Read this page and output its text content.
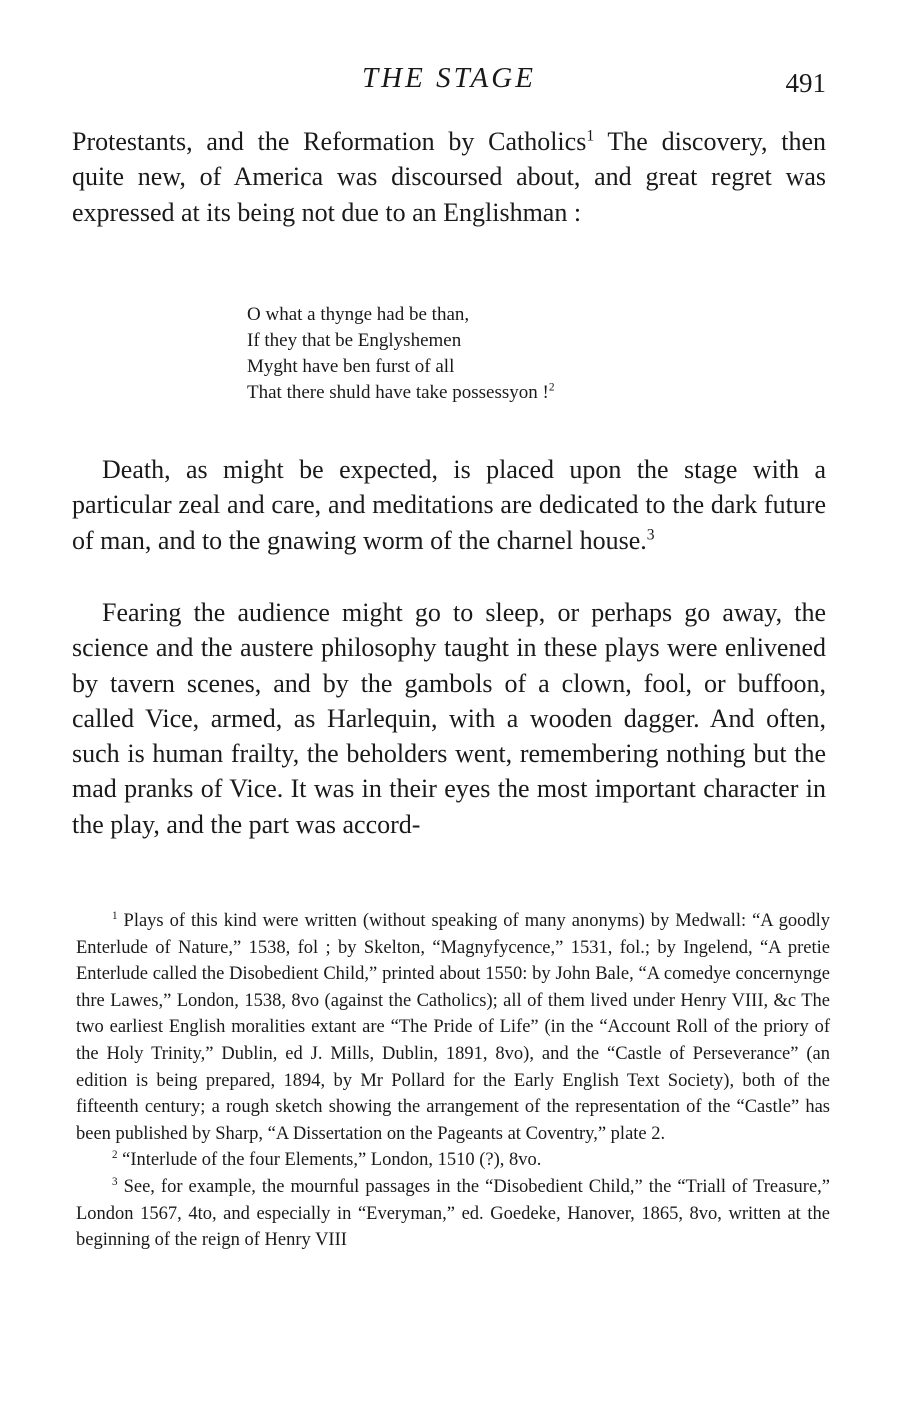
THE STAGE	491

Protestants, and the Reformation by Catholics$^1$ The discovery, then quite new, of America was discoursed about, and great regret was expressed at its being not due to an Englishman :

O what a thynge had be than,
If they that be Englyshemen
Myght have ben furst of all
That there shuld have take possessyon !$^2$

Death, as might be expected, is placed upon the stage with a particular zeal and care, and meditations are dedicated to the dark future of man, and to the gnawing worm of the charnel house.$^3$

Fearing the audience might go to sleep, or perhaps go away, the science and the austere philosophy taught in these plays were enlivened by tavern scenes, and by the gambols of a clown, fool, or buffoon, called Vice, armed, as Harlequin, with a wooden dagger. And often, such is human frailty, the beholders went, remembering nothing but the mad pranks of Vice. It was in their eyes the most important character in the play, and the part was accord-

$^1$ Plays of this kind were written (without speaking of many anonyms) by Medwall: “A goodly Enterlude of Nature,” 1538, fol ; by Skelton, “Magnyfycence,” 1531, fol.; by Ingelend, “A pretie Enterlude called the Disobedient Child,” printed about 1550: by John Bale, “A comedye concernynge thre Lawes,” London, 1538, 8vo (against the Catholics); all of them lived under Henry VIII, &c The two earliest English moralities extant are “The Pride of Life” (in the “Account Roll of the priory of the Holy Trinity,” Dublin, ed J. Mills, Dublin, 1891, 8vo), and the “Castle of Perseverance” (an edition is being prepared, 1894, by Mr Pollard for the Early English Text Society), both of the fifteenth century; a rough sketch showing the arrangement of the representation of the “Castle” has been published by Sharp, “A Dissertation on the Pageants at Coventry,” plate 2.

$^2$ “Interlude of the four Elements,” London, 1510 (?), 8vo.

$^3$ See, for example, the mournful passages in the “Disobedient Child,” the “Triall of Treasure,” London 1567, 4to, and especially in “Everyman,” ed. Goedeke, Hanover, 1865, 8vo, written at the beginning of the reign of Henry VIII
